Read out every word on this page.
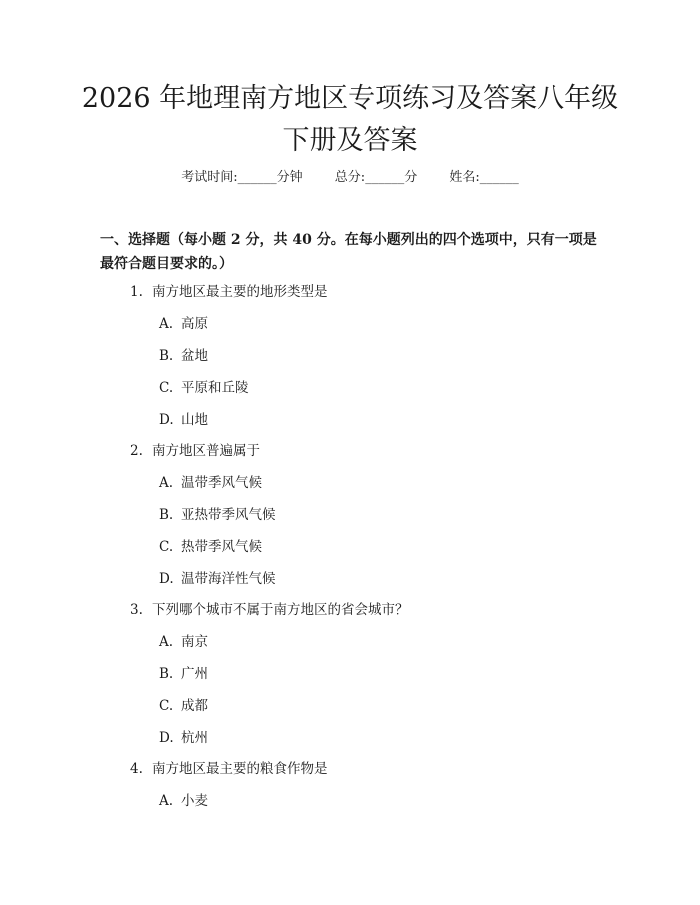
2026 年地理南方地区专项练习及答案八年级
下册及答案
考试时间:______分钟 总分:______分 姓名:______

一、选择题（每小题 2 分，共 40 分。在每小题列出的四个选项中，只有一项是最符合题目要求的。）

1. 南方地区最主要的地形类型是
A. 高原
B. 盆地
C. 平原和丘陵
D. 山地
2. 南方地区普遍属于
A. 温带季风气候
B. 亚热带季风气候
C. 热带季风气候
D. 温带海洋性气候
3. 下列哪个城市不属于南方地区的省会城市？
A. 南京
B. 广州
C. 成都
D. 杭州
4. 南方地区最主要的粮食作物是
A. 小麦
